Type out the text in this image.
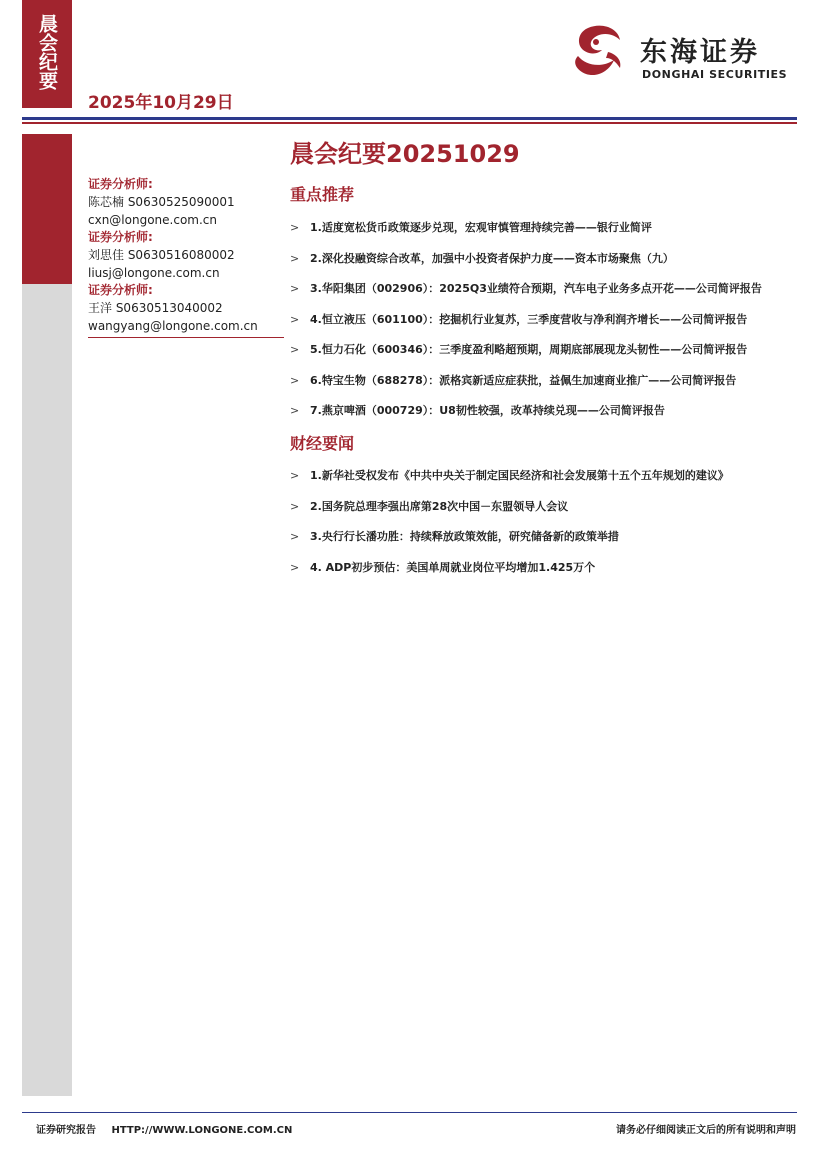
晨会纪要
2025年10月29日
东海证券
DONGHAI SECURITIES
晨会纪要20251029
证券分析师:
陈芯楠 S0630525090001
cxn@longone.com.cn
证券分析师:
刘思佳 S0630516080002
liusj@longone.com.cn
证券分析师:
王洋 S0630513040002
wangyang@longone.com.cn
重点推荐
> 1.适度宽松货币政策逐步兑现，宏观审慎管理持续完善——银行业简评
> 2.深化投融资综合改革，加强中小投资者保护力度——资本市场聚焦（九）
> 3.华阳集团（002906）：2025Q3业绩符合预期，汽车电子业务多点开花——公司简评报告
> 4.恒立液压（601100）：挖掘机行业复苏，三季度营收与净利润齐增长——公司简评报告
> 5.恒力石化（600346）：三季度盈利略超预期，周期底部展现龙头韧性——公司简评报告
> 6.特宝生物（688278）：派格宾新适应症获批，益佩生加速商业推广——公司简评报告
> 7.燕京啤酒（000729）：U8韧性较强，改革持续兑现——公司简评报告
财经要闻
> 1.新华社受权发布《中共中央关于制定国民经济和社会发展第十五个五年规划的建议》
> 2.国务院总理李强出席第28次中国－东盟领导人会议
> 3.央行行长潘功胜：持续释放政策效能，研究储备新的政策举措
> 4. ADP初步预估：美国单周就业岗位平均增加1.425万个
证券研究报告 HTTP://WWW.LONGONE.COM.CN	请务必仔细阅读正文后的所有说明和声明
